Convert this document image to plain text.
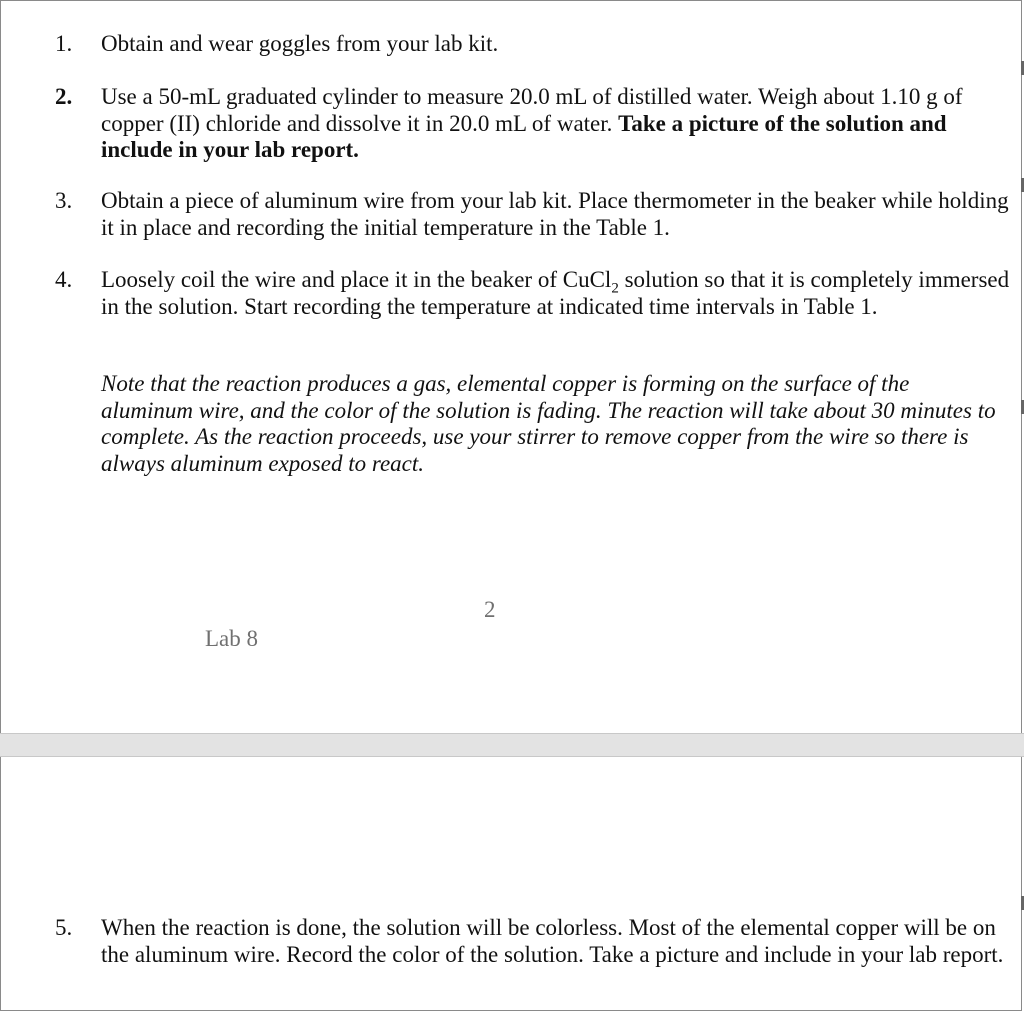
1.	Obtain and wear goggles from your lab kit.
2.	Use a 50-mL graduated cylinder to measure 20.0 mL of distilled water. Weigh about 1.10 g of copper (II) chloride and dissolve it in 20.0 mL of water. Take a picture of the solution and include in your lab report.
3.	Obtain a piece of aluminum wire from your lab kit. Place thermometer in the beaker while holding it in place and recording the initial temperature in the Table 1.
4.	Loosely coil the wire and place it in the beaker of CuCl$_2$ solution so that it is completely immersed in the solution. Start recording the temperature at indicated time intervals in Table 1.
Note that the reaction produces a gas, elemental copper is forming on the surface of the aluminum wire, and the color of the solution is fading. The reaction will take about 30 minutes to complete. As the reaction proceeds, use your stirrer to remove copper from the wire so there is always aluminum exposed to react.
2
Lab 8
5.	When the reaction is done, the solution will be colorless. Most of the elemental copper will be on the aluminum wire. Record the color of the solution. Take a picture and include in your lab report.
